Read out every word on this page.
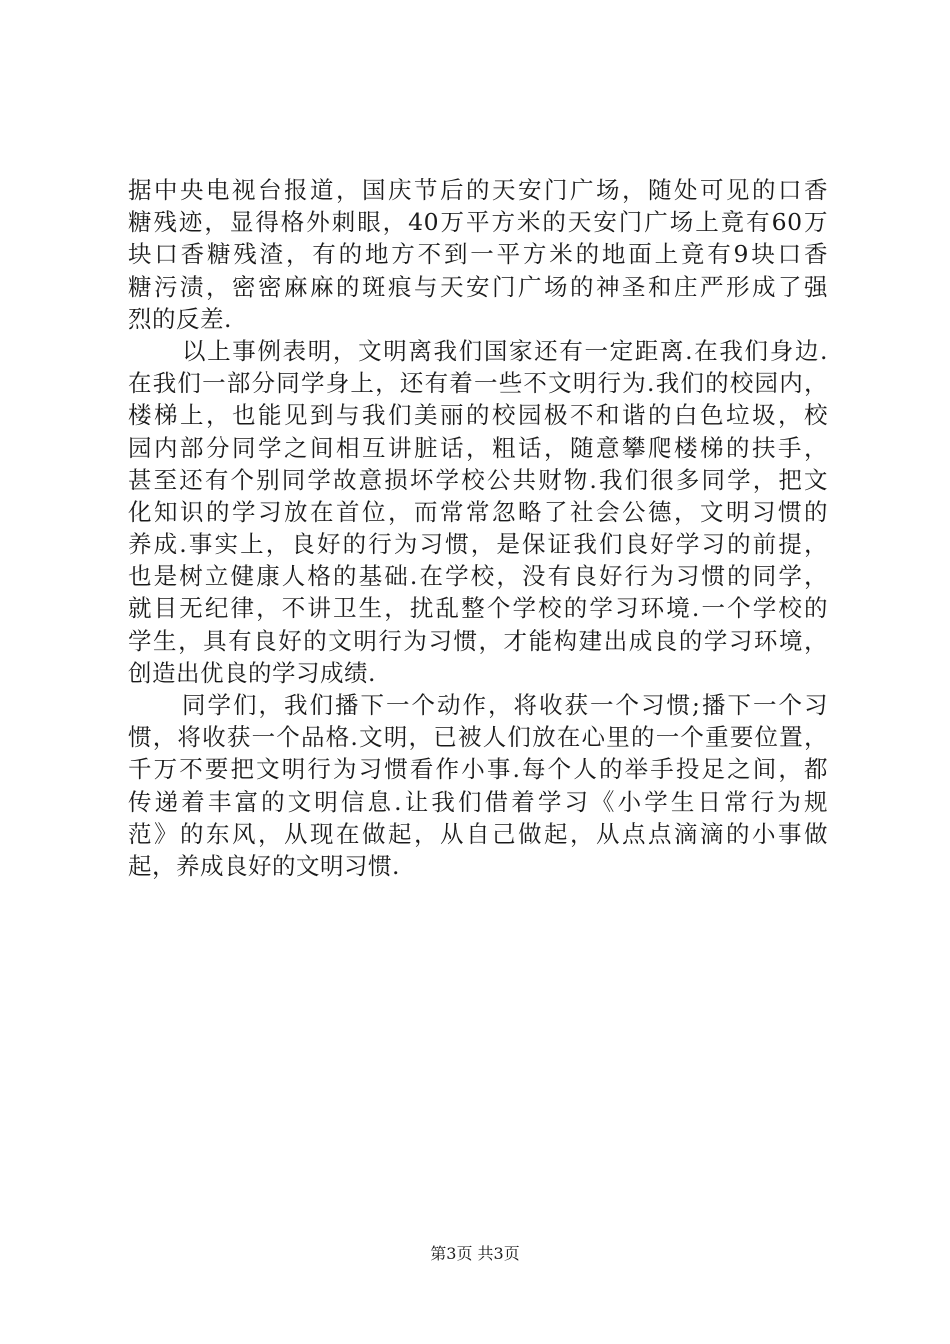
据中央电视台报道，国庆节后的天安门广场，随处可见的口香
糖残迹，显得格外刺眼，40万平方米的天安门广场上竟有60万
块口香糖残渣，有的地方不到一平方米的地面上竟有9块口香
糖污渍，密密麻麻的斑痕与天安门广场的神圣和庄严形成了强
烈的反差.
以上事例表明，文明离我们国家还有一定距离.在我们身边.
在我们一部分同学身上，还有着一些不文明行为.我们的校园内，
楼梯上，也能见到与我们美丽的校园极不和谐的白色垃圾，校
园内部分同学之间相互讲脏话，粗话，随意攀爬楼梯的扶手，
甚至还有个别同学故意损坏学校公共财物.我们很多同学，把文
化知识的学习放在首位，而常常忽略了社会公德，文明习惯的
养成.事实上，良好的行为习惯，是保证我们良好学习的前提，
也是树立健康人格的基础.在学校，没有良好行为习惯的同学，
就目无纪律，不讲卫生，扰乱整个学校的学习环境.一个学校的
学生，具有良好的文明行为习惯，才能构建出成良的学习环境，
创造出优良的学习成绩.
同学们，我们播下一个动作，将收获一个习惯;播下一个习
惯，将收获一个品格.文明，已被人们放在心里的一个重要位置，
千万不要把文明行为习惯看作小事.每个人的举手投足之间，都
传递着丰富的文明信息.让我们借着学习《小学生日常行为规
范》的东风，从现在做起，从自己做起，从点点滴滴的小事做
起，养成良好的文明习惯.
第3页 共3页
